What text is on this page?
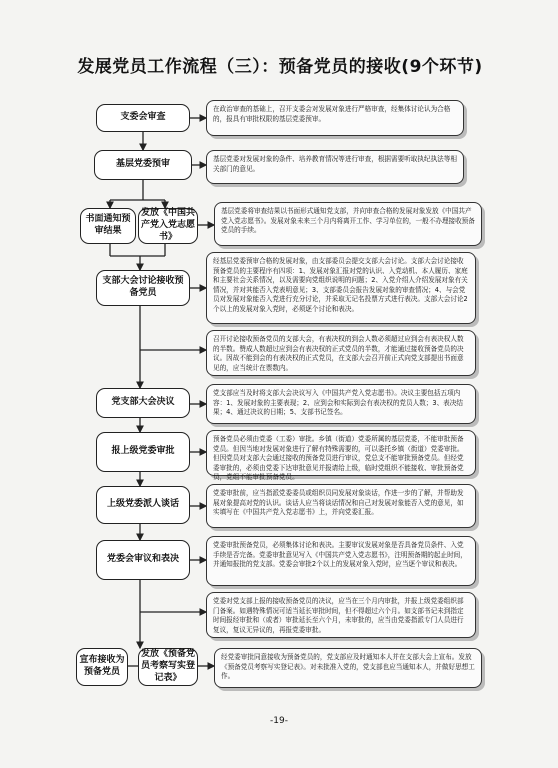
发展党员工作流程（三）：预备党员的接收(9个环节)
支委会审查
基层党委预审
书面通知预审结果
发放《中国共产党入党志愿书》
支部大会讨论接收预备党员
党支部大会决议
报上级党委审批
上级党委派人谈话
党委会审议和表决
宣布接收为预备党员
发放《预备党员考察写实登记表》
在政治审查的基础上，召开支委会对发展对象进行严格审查，经集体讨论认为合格的，报具有审批权限的基层党委预审。
基层党委对发展对象的条件、培养教育情况等进行审查，根据需要听取执纪执法等相关部门的意见。
基层党委将审查结果以书面形式通知党支部，并向审查合格的发展对象发放《中国共产党入党志愿书》。发展对象未来三个月内将离开工作、学习单位的，一般不办理接收预备党员的手续。
经基层党委预审合格的发展对象，由支部委员会提交支部大会讨论。支部大会讨论接收预备党员的主要程序有四项：1、发展对象汇报对党的认识、入党动机、本人履历、家庭和主要社会关系情况，以及需要向党组织说明的问题；2、入党介绍人介绍发展对象有关情况，并对其能否入党表明意见；3、支部委员会报告发展对象的审查情况；4、与会党员对发展对象能否入党进行充分讨论，并采取无记名投票方式进行表决。支部大会讨论2个以上的发展对象入党时，必须逐个讨论和表决。
召开讨论接收预备党员的支部大会，有表决权的到会人数必须超过应到会有表决权人数的半数。赞成人数超过应到会有表决权的正式党员的半数，才能通过接收预备党员的决议。因故不能到会的有表决权的正式党员，在支部大会召开前正式向党支部提出书面意见的，应当统计在票数内。
党支部应当及时将支部大会决议写入《中国共产党入党志愿书》。决议主要包括五项内容：1、发展对象的主要表现；2、应到会和实际到会有表决权的党员人数；3、表决结果；4、通过决议的日期；5、支部书记签名。
预备党员必须由党委（工委）审批。乡镇（街道）党委所属的基层党委，不能审批预备党员。但因当地对发展对象进行了解有特殊需要的，可以委托乡镇（街道）党委审批。但因党员对支部大会通过接收的预备党员进行审议，党总支不能审批预备党员。但经党委审批的，必须由党委下达审批意见并报请给上级，临时党组织不能接收、审批预备党员，党组不能审批预备党员。
党委审批前，应当指派党委委员或组织员同发展对象谈话，作进一步的了解，并帮助发展对象提高对党的认识。谈话人应当将谈话情况和自己对发展对象能否入党的意见，如实填写在《中国共产党入党志愿书》上，并向党委汇报。
党委审批预备党员，必须集体讨论和表决。主要审议发展对象是否具备党员条件、入党手续是否完备。党委审批意见写入《中国共产党入党志愿书》，注明预备期的起止时间，并通知报批的党支部。党委会审批2个以上的发展对象入党时，应当逐个审议和表决。
党委对党支部上报的接收预备党员的决议，应当在三个月内审批，并报上级党委组织部门备案。如遇特殊情况可适当延长审批时间，但不得超过六个月。如支部书记未到指定时间报经审批和（或者）审批延长至六个月，未审批的，应当由党委指派专门人员进行复议，复议无异议的，再报党委审批。
经党委审批同意接收为预备党员的，党支部应及时通知本人并在支部大会上宣布。发放《预备党员考察写实登记表》。对未批准入党的，党支部也应当通知本人，并做好思想工作。
-19-
